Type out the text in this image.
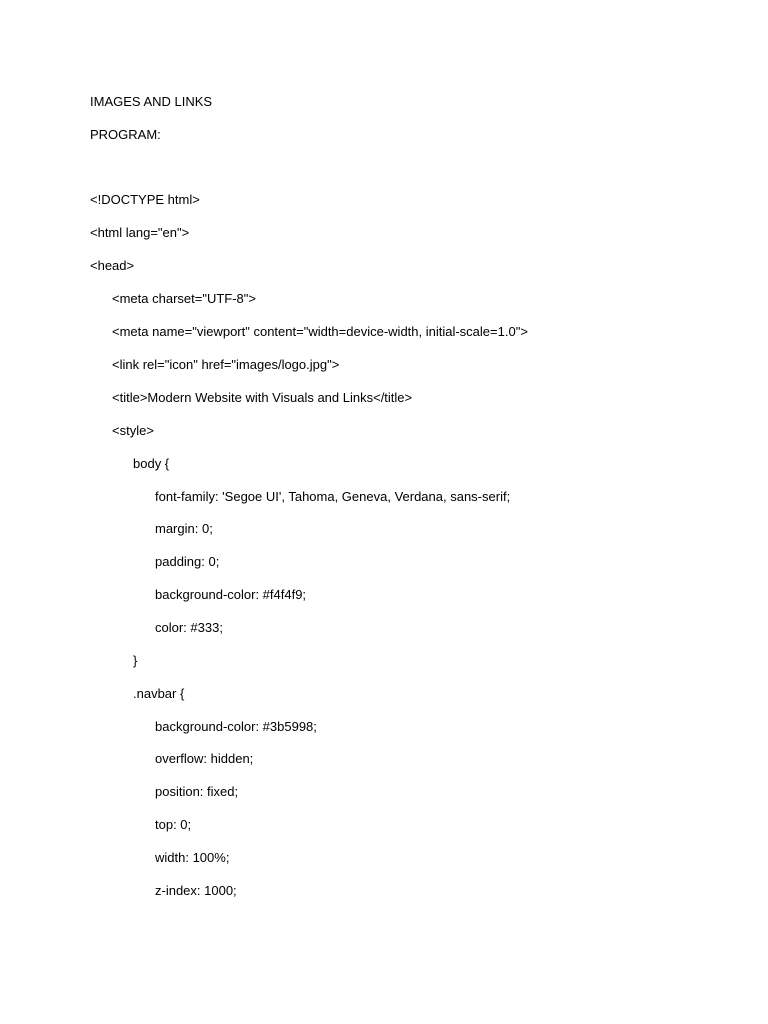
IMAGES AND LINKS
PROGRAM:
<!DOCTYPE html>
<html lang="en">
<head>
<meta charset="UTF-8">
<meta name="viewport" content="width=device-width, initial-scale=1.0">
<link rel="icon" href="images/logo.jpg">
<title>Modern Website with Visuals and Links</title>
<style>
body {
font-family: 'Segoe UI', Tahoma, Geneva, Verdana, sans-serif;
margin: 0;
padding: 0;
background-color: #f4f4f9;
color: #333;
}
.navbar {
background-color: #3b5998;
overflow: hidden;
position: fixed;
top: 0;
width: 100%;
z-index: 1000;
